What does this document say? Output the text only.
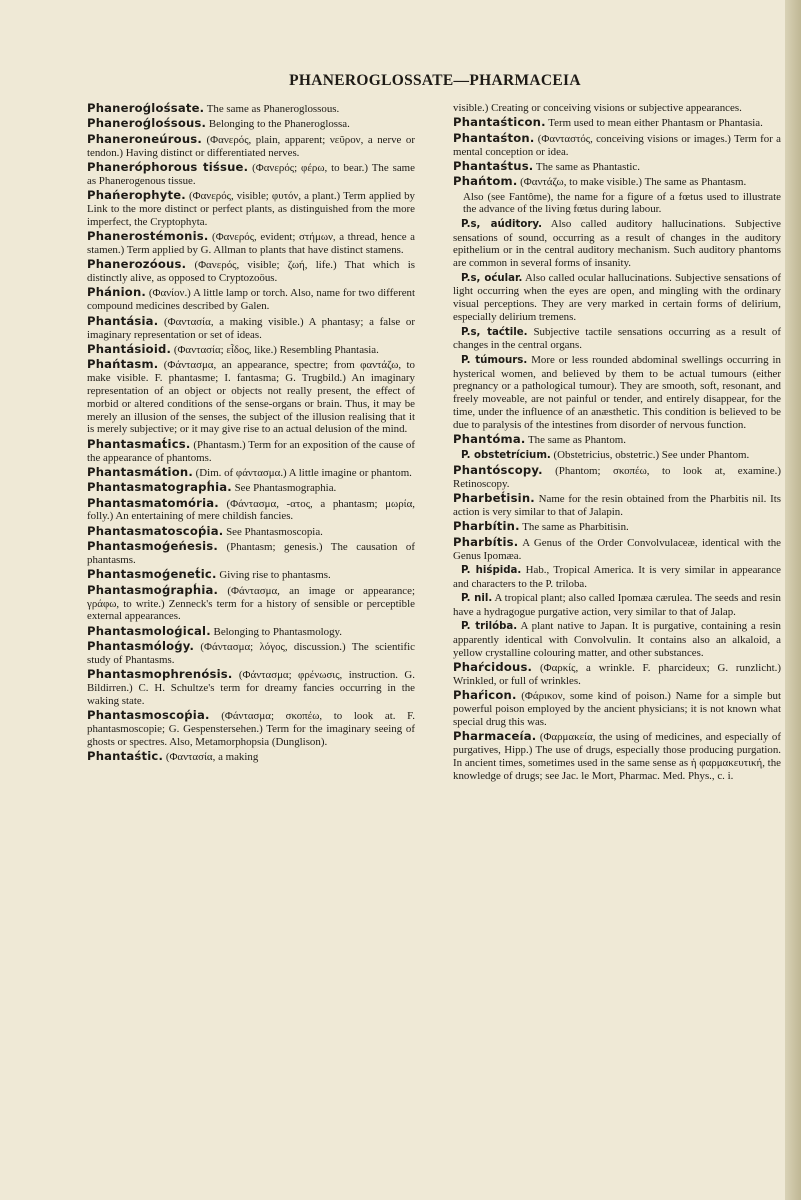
PHANEROGLOSSATE—PHARMACEIA

Phaneroǵlośsate. The same as Phaneroglossous.

Phaneroǵlośsous. Belonging to the Phaneroglossa.

Phaneroneúrous. (Φανερός, plain, apparent; νεῦρον, a nerve or tendon.) Having distinct or differentiated nerves.

Phaneróphorous tiśsue. (Φανερός; φέρω, to bear.) The same as Phanerogenous tissue.

Phańerophyte. (Φανερός, visible; φυτόν, a plant.) Term applied by Link to the more distinct or perfect plants, as distinguished from the more imperfect, the Cryptophyta.

Phanerostémonis. (Φανερός, evident; στήμων, a thread, hence a stamen.) Term applied by G. Allman to plants that have distinct stamens.

Phanerozóous. (Φανερός, visible; ζωή, life.) That which is distinctly alive, as opposed to Cryptozoöus.

Phánion. (Φανίον.) A little lamp or torch. Also, name for two different compound medicines described by Galen.

Phantásia. (Φαντασία, a making visible.) A phantasy; a false or imaginary representation or set of ideas.

Phantásioid. (Φαντασία; εἶδος, like.) Resembling Phantasia.

Phańtasm. (Φάντασμα, an appearance, spectre; from φαντάζω, to make visible. F. phantasme; I. fantasma; G. Trugbild.) An imaginary representation of an object or objects not really present, the effect of morbid or altered conditions of the sense-organs or brain. Thus, it may be merely an illusion of the senses, the subject of the illusion realising that it is merely subjective; or it may give rise to an actual delusion of the mind.

Phantasmat́ics. (Phantasm.) Term for an exposition of the cause of the appearance of phantoms.

Phantasmátion. (Dim. of φάντασμα.) A little imagine or phantom.

Phantasmatograph́ia. See Phantasmographia.

Phantasmatomória. (Φάντασμα, -ατος, a phantasm; μωρία, folly.) An entertaining of mere childish fancies.

Phantasmatoscoṕia. See Phantasmoscopia.

Phantasmoǵeńesis. (Phantasm; genesis.) The causation of phantasms.

Phantasmoǵenet́ic. Giving rise to phantasms.

Phantasmoǵraph́ia. (Φάντασμα, an image or appearance; γράφω, to write.) Zenneck's term for a history of sensible or perceptible external appearances.

Phantasmoloǵical. Belonging to Phantasmology.

Phantasmóloǵy. (Φάντασμα; λόγος, discussion.) The scientific study of Phantasms.

Phantasmophrenósis. (Φάντασμα; φρένωσις, instruction. G. Bildirren.) C. H. Schultze's term for dreamy fancies occurring in the waking state.

Phantasmoscoṕia. (Φάντασμα; σκοπέω, to look at. F. phantasmoscopie; G. Gespenstersehen.) Term for the imaginary seeing of ghosts or spectres. Also, Metamorphopsia (Dunglison).

Phantaśtic. (Φαντασία, a making

visible.) Creating or conceiving visions or subjective appearances.

Phantaśticon. Term used to mean either Phantasm or Phantasia.

Phantaśton. (Φανταστός, conceiving visions or images.) Term for a mental conception or idea.

Phantaśtus. The same as Phantastic.

Phańtom. (Φαντάζω, to make visible.) The same as Phantasm.

Also (see Fantôme), the name for a figure of a fœtus used to illustrate the advance of the living fœtus during labour.

P.s, aúditory. Also called auditory hallucinations. Subjective sensations of sound, occurring as a result of changes in the auditory epithelium or in the central auditory mechanism. Such auditory phantoms are common in several forms of insanity.

P.s, oćular. Also called ocular hallucinations. Subjective sensations of light occurring when the eyes are open, and mingling with the ordinary visual perceptions. They are very marked in certain forms of delirium, especially delirium tremens.

P.s, taćtile. Subjective tactile sensations occurring as a result of changes in the central organs.

P. túmours. More or less rounded abdominal swellings occurring in hysterical women, and believed by them to be actual tumours (either pregnancy or a pathological tumour). They are smooth, soft, resonant, and freely moveable, are not painful or tender, and entirely disappear, for the time, under the influence of an anæsthetic. This condition is believed to be due to paralysis of the intestines from disorder of nervous function.

Phantóma. The same as Phantom.

P. obstetrícium. (Obstetricius, obstetric.) See under Phantom.

Phantóscopy. (Phantom; σκοπέω, to look at, examine.) Retinoscopy.

Pharbet́isin. Name for the resin obtained from the Pharbitis nil. Its action is very similar to that of Jalapin.

Pharbítin. The same as Pharbitisin.

Pharbítis. A Genus of the Order Convolvulaceæ, identical with the Genus Ipomæa.

P. hiśpida. Hab., Tropical America. It is very similar in appearance and characters to the P. triloba.

P. nil. A tropical plant; also called Ipomæa cærulea. The seeds and resin have a hydragogue purgative action, very similar to that of Jalap.

P. trilóba. A plant native to Japan. It is purgative, containing a resin apparently identical with Convolvulin. It contains also an alkaloid, a yellow crystalline colouring matter, and other substances.

Phaŕcidous. (Φαρκίς, a wrinkle. F. pharcideux; G. runzlicht.) Wrinkled, or full of wrinkles.

Phaŕicon. (Φάρικον, some kind of poison.) Name for a simple but powerful poison employed by the ancient physicians; it is not known what special drug this was.

Pharmaceía. (Φαρμακεία, the using of medicines, and especially of purgatives, Hipp.) The use of drugs, especially those producing purgation. In ancient times, sometimes used in the same sense as ἡ φαρμακευτική, the knowledge of drugs; see Jac. le Mort, Pharmac. Med. Phys., c. i.
